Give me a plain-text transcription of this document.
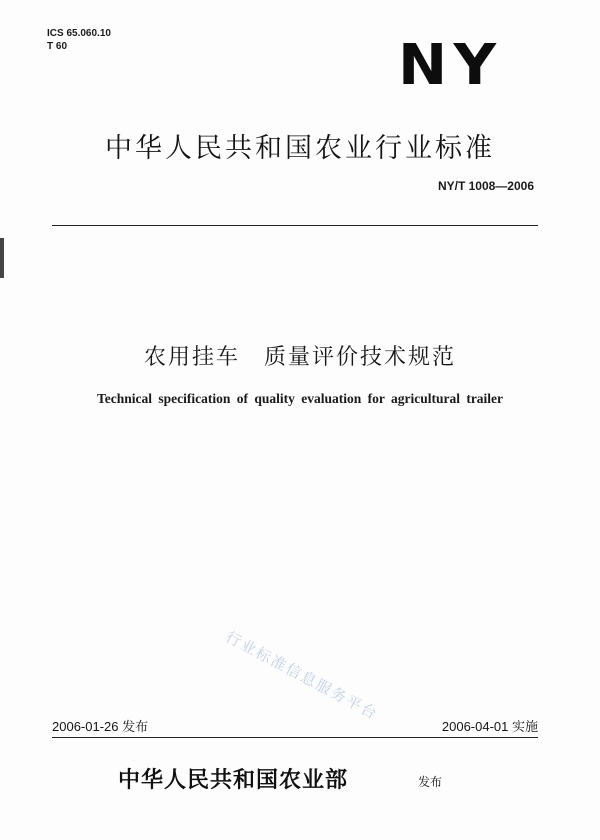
ICS 65.060.10
T 60	NY
中华人民共和国农业行业标准
NY/T 1008—2006
农用挂车　质量评价技术规范
Technical specification of quality evaluation for agricultural trailer
行业标准信息服务平台
2006-01-26 发布	2006-04-01 实施
中华人民共和国农业部	发布
